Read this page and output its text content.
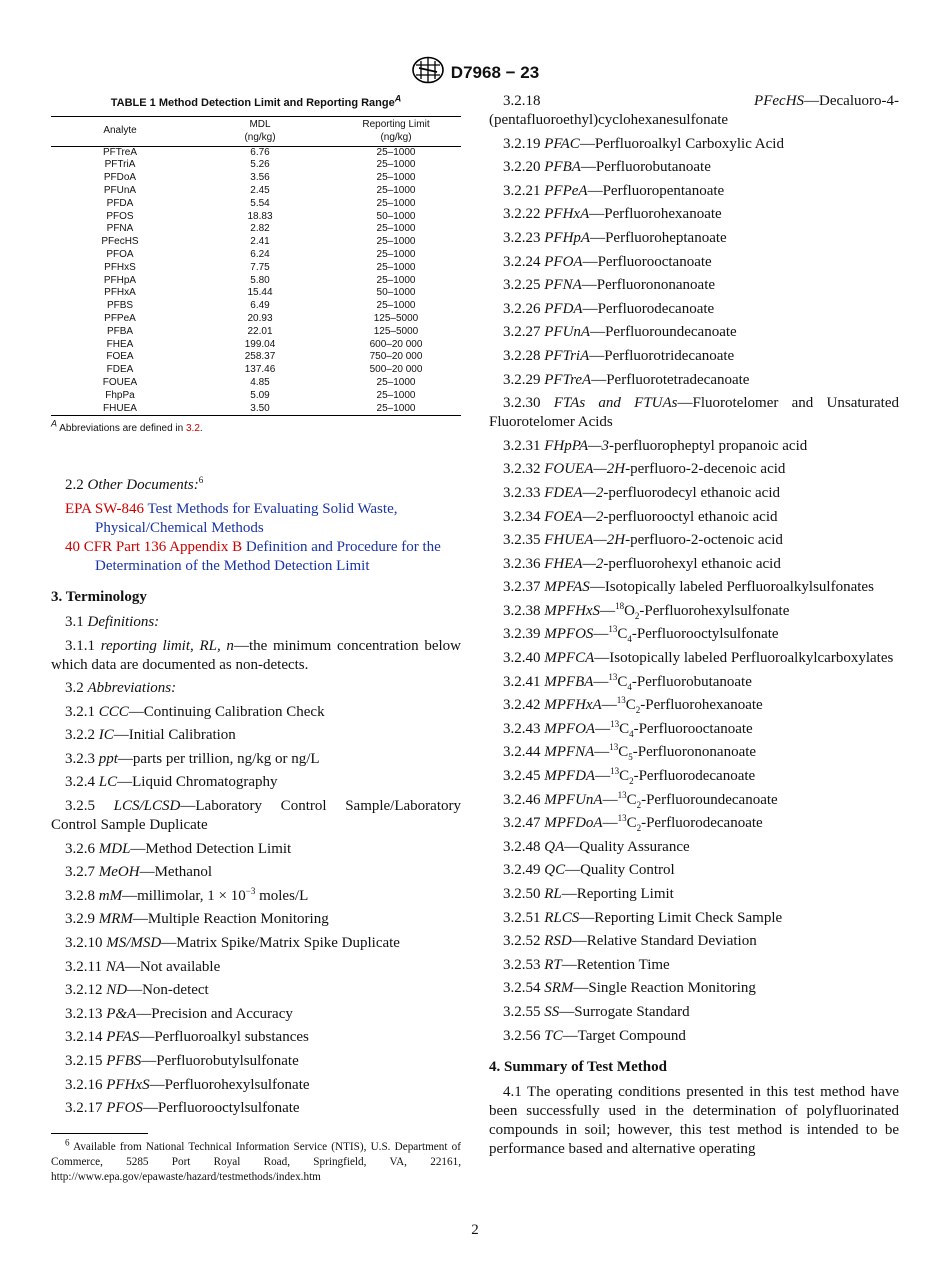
D7968 − 23
TABLE 1 Method Detection Limit and Reporting Range$^A$
Analyte	MDL
(ng/kg)	Reporting Limit
(ng/kg)
PFTreA	6.76	25–1000
PFTriA	5.26	25–1000
PFDoA	3.56	25–1000
PFUnA	2.45	25–1000
PFDA	5.54	25–1000
PFOS	18.83	50–1000
PFNA	2.82	25–1000
PFecHS	2.41	25–1000
PFOA	6.24	25–1000
PFHxS	7.75	25–1000
PFHpA	5.80	25–1000
PFHxA	15.44	50–1000
PFBS	6.49	25–1000
PFPeA	20.93	125–5000
PFBA	22.01	125–5000
FHEA	199.04	600–20 000
FOEA	258.37	750–20 000
FDEA	137.46	500–20 000
FOUEA	4.85	25–1000
FhpPa	5.09	25–1000
FHUEA	3.50	25–1000
$^A$ Abbreviations are defined in 3.2.

2.2 Other Documents:$^6$

EPA SW-846 Test Methods for Evaluating Solid Waste, Physical/Chemical Methods

40 CFR Part 136 Appendix B Definition and Procedure for the Determination of the Method Detection Limit

3. Terminology

3.1 Definitions:

3.1.1 reporting limit, RL, n—the minimum concentration below which data are documented as non-detects.

3.2 Abbreviations:

3.2.1 CCC—Continuing Calibration Check

3.2.2 IC—Initial Calibration

3.2.3 ppt—parts per trillion, ng/kg or ng/L

3.2.4 LC—Liquid Chromatography

3.2.5 LCS/LCSD—Laboratory Control Sample/Laboratory Control Sample Duplicate

3.2.6 MDL—Method Detection Limit

3.2.7 MeOH—Methanol

3.2.8 mM—millimolar, $1 \times 10^{-3}$ moles/L

3.2.9 MRM—Multiple Reaction Monitoring

3.2.10 MS/MSD—Matrix Spike/Matrix Spike Duplicate

3.2.11 NA—Not available

3.2.12 ND—Non-detect

3.2.13 P&A—Precision and Accuracy

3.2.14 PFAS—Perfluoroalkyl substances

3.2.15 PFBS—Perfluorobutylsulfonate

3.2.16 PFHxS—Perfluorohexylsulfonate

3.2.17 PFOS—Perfluorooctylsulfonate

$^6$ Available from National Technical Information Service (NTIS), U.S. Department of Commerce, 5285 Port Royal Road, Springfield, VA, 22161, http://www.epa.gov/epawaste/hazard/testmethods/index.htm

3.2.18 PFecHS—Decaluoro-4-(pentafluoroethyl)cyclohexanesulfonate

3.2.19 PFAC—Perfluoroalkyl Carboxylic Acid

3.2.20 PFBA—Perfluorobutanoate

3.2.21 PFPeA—Perfluoropentanoate

3.2.22 PFHxA—Perfluorohexanoate

3.2.23 PFHpA—Perfluoroheptanoate

3.2.24 PFOA—Perfluorooctanoate

3.2.25 PFNA—Perfluorononanoate

3.2.26 PFDA—Perfluorodecanoate

3.2.27 PFUnA—Perfluoroundecanoate

3.2.28 PFTriA—Perfluorotridecanoate

3.2.29 PFTreA—Perfluorotetradecanoate

3.2.30 FTAs and FTUAs—Fluorotelomer and Unsaturated Fluorotelomer Acids

3.2.31 FHpPA—3-perfluoropheptyl propanoic acid

3.2.32 FOUEA—2H-perfluoro-2-decenoic acid

3.2.33 FDEA—2-perfluorodecyl ethanoic acid

3.2.34 FOEA—2-perfluorooctyl ethanoic acid

3.2.35 FHUEA—2H-perfluoro-2-octenoic acid

3.2.36 FHEA—2-perfluorohexyl ethanoic acid

3.2.37 MPFAS—Isotopically labeled Perfluoroalkylsulfonates

3.2.38 $MPFHxS—^{18}O_2$-Perfluorohexylsulfonate

3.2.39 $MPFOS—^{13}C_4$-Perfluorooctylsulfonate

3.2.40 MPFCA—Isotopically labeled Perfluoroalkylcarboxylates

3.2.41 $MPFBA—^{13}C_4$-Perfluorobutanoate

3.2.42 $MPFHxA—^{13}C_2$-Perfluorohexanoate

3.2.43 $MPFOA—^{13}C_4$-Perfluorooctanoate

3.2.44 $MPFNA—^{13}C_5$-Perfluorononanoate

3.2.45 $MPFDA—^{13}C_2$-Perfluorodecanoate

3.2.46 $MPFUnA—^{13}C_2$-Perfluoroundecanoate

3.2.47 $MPFDoA—^{13}C_2$-Perfluorodecanoate

3.2.48 QA—Quality Assurance

3.2.49 QC—Quality Control

3.2.50 RL—Reporting Limit

3.2.51 RLCS—Reporting Limit Check Sample

3.2.52 RSD—Relative Standard Deviation

3.2.53 RT—Retention Time

3.2.54 SRM—Single Reaction Monitoring

3.2.55 SS—Surrogate Standard

3.2.56 TC—Target Compound

4. Summary of Test Method

4.1 The operating conditions presented in this test method have been successfully used in the determination of polyfluorinated compounds in soil; however, this test method is intended to be performance based and alternative operating

2
